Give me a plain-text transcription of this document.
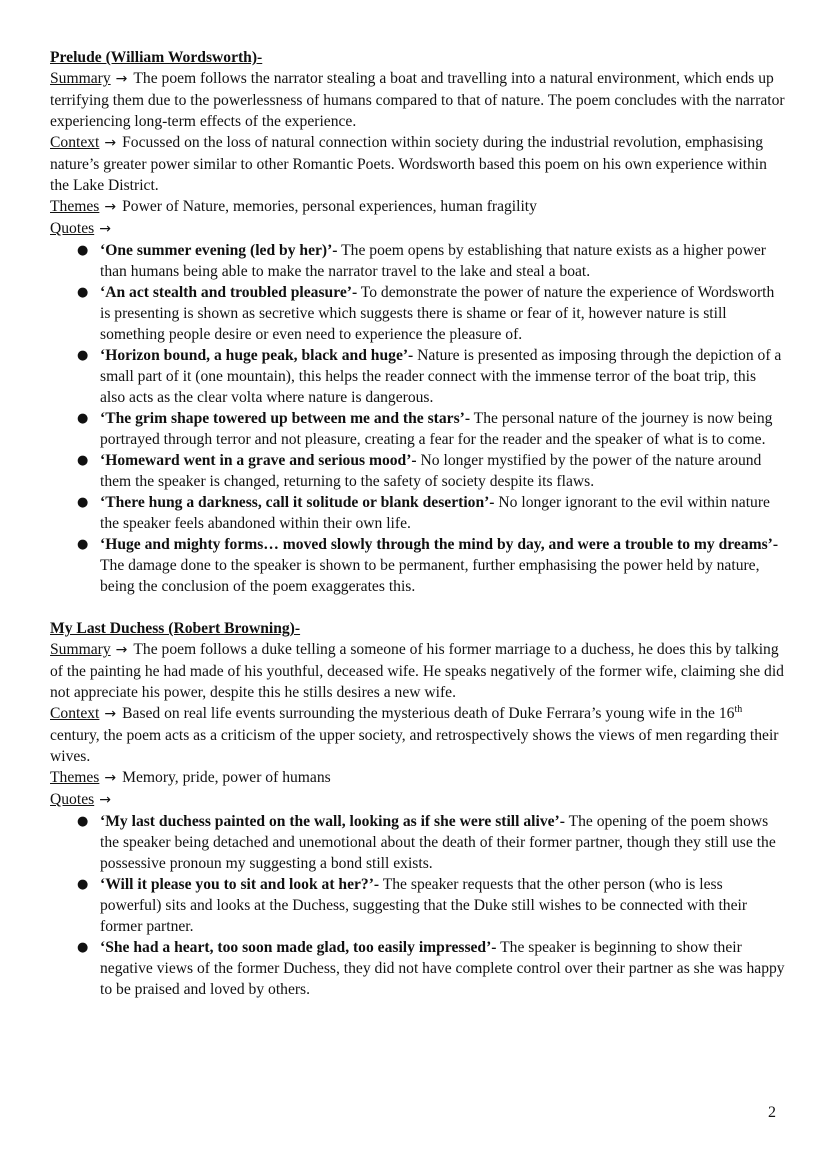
Prelude (William Wordsworth)-
Summary → The poem follows the narrator stealing a boat and travelling into a natural environment, which ends up terrifying them due to the powerlessness of humans compared to that of nature. The poem concludes with the narrator experiencing long-term effects of the experience.
Context → Focussed on the loss of natural connection within society during the industrial revolution, emphasising nature’s greater power similar to other Romantic Poets. Wordsworth based this poem on his own experience within the Lake District.
Themes → Power of Nature, memories, personal experiences, human fragility
Quotes →
● ‘One summer evening (led by her)’- The poem opens by establishing that nature exists as a higher power than humans being able to make the narrator travel to the lake and steal a boat.
● ‘An act stealth and troubled pleasure’- To demonstrate the power of nature the experience of Wordsworth is presenting is shown as secretive which suggests there is shame or fear of it, however nature is still something people desire or even need to experience the pleasure of.
● ‘Horizon bound, a huge peak, black and huge’- Nature is presented as imposing through the depiction of a small part of it (one mountain), this helps the reader connect with the immense terror of the boat trip, this also acts as the clear volta where nature is dangerous.
● ‘The grim shape towered up between me and the stars’- The personal nature of the journey is now being portrayed through terror and not pleasure, creating a fear for the reader and the speaker of what is to come.
● ‘Homeward went in a grave and serious mood’- No longer mystified by the power of the nature around them the speaker is changed, returning to the safety of society despite its flaws.
● ‘There hung a darkness, call it solitude or blank desertion’- No longer ignorant to the evil within nature the speaker feels abandoned within their own life.
● ‘Huge and mighty forms… moved slowly through the mind by day, and were a trouble to my dreams’- The damage done to the speaker is shown to be permanent, further emphasising the power held by nature, being the conclusion of the poem exaggerates this.
My Last Duchess (Robert Browning)-
Summary → The poem follows a duke telling a someone of his former marriage to a duchess, he does this by talking of the painting he had made of his youthful, deceased wife. He speaks negatively of the former wife, claiming she did not appreciate his power, despite this he stills desires a new wife.
Context → Based on real life events surrounding the mysterious death of Duke Ferrara’s young wife in the 16th century, the poem acts as a criticism of the upper society, and retrospectively shows the views of men regarding their wives.
Themes → Memory, pride, power of humans
Quotes →
● ‘My last duchess painted on the wall, looking as if she were still alive’- The opening of the poem shows the speaker being detached and unemotional about the death of their former partner, though they still use the possessive pronoun my suggesting a bond still exists.
● ‘Will it please you to sit and look at her?’- The speaker requests that the other person (who is less powerful) sits and looks at the Duchess, suggesting that the Duke still wishes to be connected with their former partner.
● ‘She had a heart, too soon made glad, too easily impressed’- The speaker is beginning to show their negative views of the former Duchess, they did not have complete control over their partner as she was happy to be praised and loved by others.
2
